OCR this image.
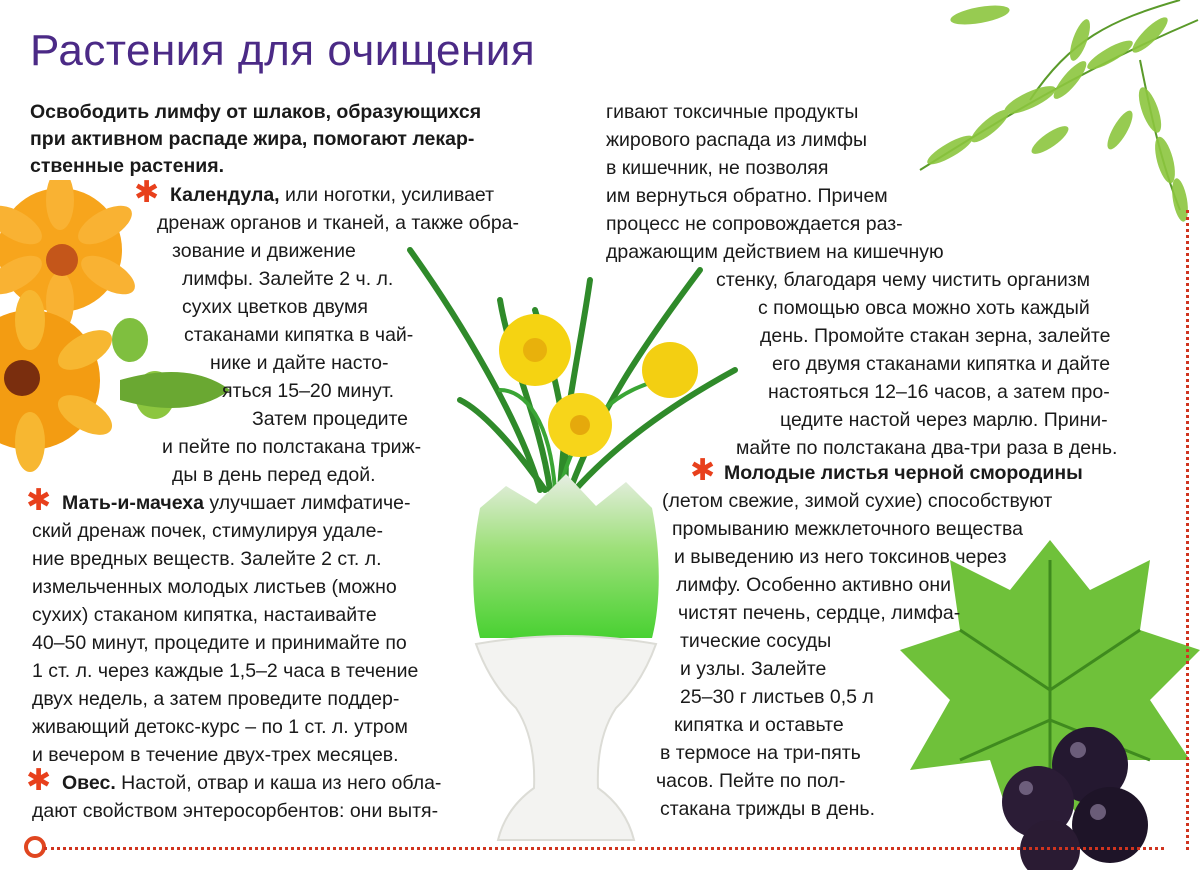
Растения для очищения
Освободить лимфу от шлаков, образующихся
при активном распаде жира, помогают лекар-
ственные растения.
✱ Календула, или ноготки, усиливает
дренаж органов и тканей, а также обра-
зование и движение
лимфы. Залейте 2 ч. л.
сухих цветков двумя
стаканами кипятка в чай-
нике и дайте насто-
яться 15–20 минут.
Затем процедите
и пейте по полстакана триж-
ды в день перед едой.
✱ Мать-и-мачеха улучшает лимфатиче-
ский дренаж почек, стимулируя удале-
ние вредных веществ. Залейте 2 ст. л.
измельченных молодых листьев (можно
сухих) стаканом кипятка, настаивайте
40–50 минут, процедите и принимайте по
1 ст. л. через каждые 1,5–2 часа в течение
двух недель, а затем проведите поддер-
живающий детокс-курс – по 1 ст. л. утром
и вечером в течение двух-трех месяцев.
✱ Овес. Настой, отвар и каша из него обла-
дают свойством энтеросорбентов: они вытя-
гивают токсичные продукты
жирового распада из лимфы
в кишечник, не позволяя
им вернуться обратно. Причем
процесс не сопровождается раз-
дражающим действием на кишечную
стенку, благодаря чему чистить организм
с помощью овса можно хоть каждый
день. Промойте стакан зерна, залейте
его двумя стаканами кипятка и дайте
настояться 12–16 часов, а затем про-
цедите настой через марлю. Прини-
майте по полстакана два-три раза в день.
✱ Молодые листья черной смородины
(летом свежие, зимой сухие) способствуют
промыванию межклеточного вещества
и выведению из него токсинов через
лимфу. Особенно активно они
чистят печень, сердце, лимфа-
тические сосуды
и узлы. Залейте
25–30 г листьев 0,5 л
кипятка и оставьте
в термосе на три-пять
часов. Пейте по пол-
стакана трижды в день.
